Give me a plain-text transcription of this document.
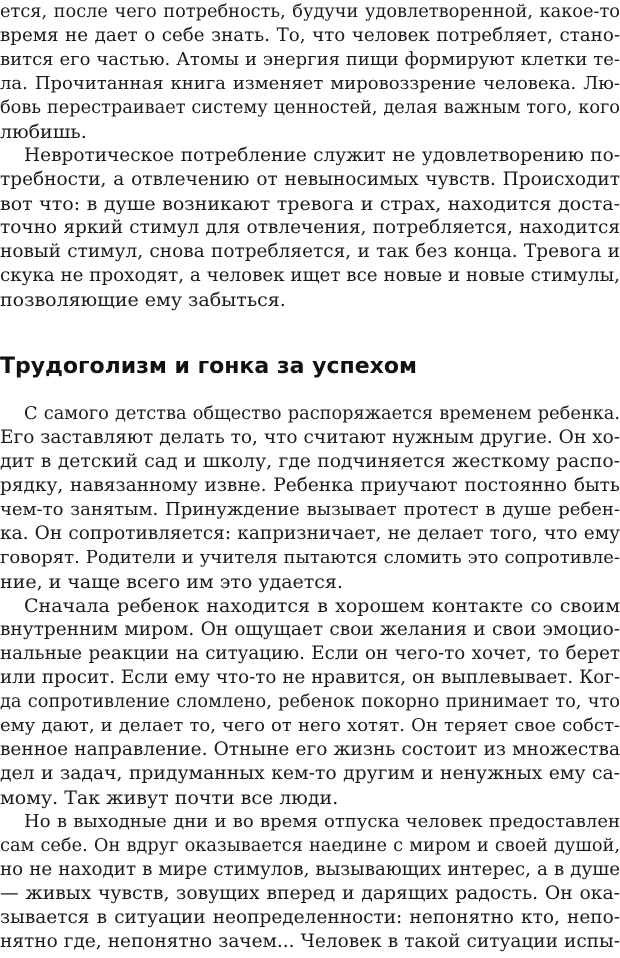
ется, после чего потребность, будучи удовлетворенной, какое-то
время не дает о себе знать. То, что человек потребляет, стано-
вится его частью. Атомы и энергия пищи формируют клетки те-
ла. Прочитанная книга изменяет мировоззрение человека. Лю-
бовь перестраивает систему ценностей, делая важным того, кого
любишь.
Невротическое потребление служит не удовлетворению по-
требности, а отвлечению от невыносимых чувств. Происходит
вот что: в душе возникают тревога и страх, находится доста-
точно яркий стимул для отвлечения, потребляется, находится
новый стимул, снова потребляется, и так без конца. Тревога и
скука не проходят, а человек ищет все новые и новые стимулы,
позволяющие ему забыться.
Трудоголизм и гонка за успехом
С самого детства общество распоряжается временем ребенка.
Его заставляют делать то, что считают нужным другие. Он хо-
дит в детский сад и школу, где подчиняется жесткому распо-
рядку, навязанному извне. Ребенка приучают постоянно быть
чем-то занятым. Принуждение вызывает протест в душе ребен-
ка. Он сопротивляется: капризничает, не делает того, что ему
говорят. Родители и учителя пытаются сломить это сопротивле-
ние, и чаще всего им это удается.
Сначала ребенок находится в хорошем контакте со своим
внутренним миром. Он ощущает свои желания и свои эмоцио-
нальные реакции на ситуацию. Если он чего-то хочет, то берет
или просит. Если ему что-то не нравится, он выплевывает. Ког-
да сопротивление сломлено, ребенок покорно принимает то, что
ему дают, и делает то, чего от него хотят. Он теряет свое собст-
венное направление. Отныне его жизнь состоит из множества
дел и задач, придуманных кем-то другим и ненужных ему са-
мому. Так живут почти все люди.
Но в выходные дни и во время отпуска человек предоставлен
сам себе. Он вдруг оказывается наедине с миром и своей душой,
но не находит в мире стимулов, вызывающих интерес, а в душе
— живых чувств, зовущих вперед и дарящих радость. Он ока-
зывается в ситуации неопределенности: непонятно кто, непо-
нятно где, непонятно зачем... Человек в такой ситуации испы-
